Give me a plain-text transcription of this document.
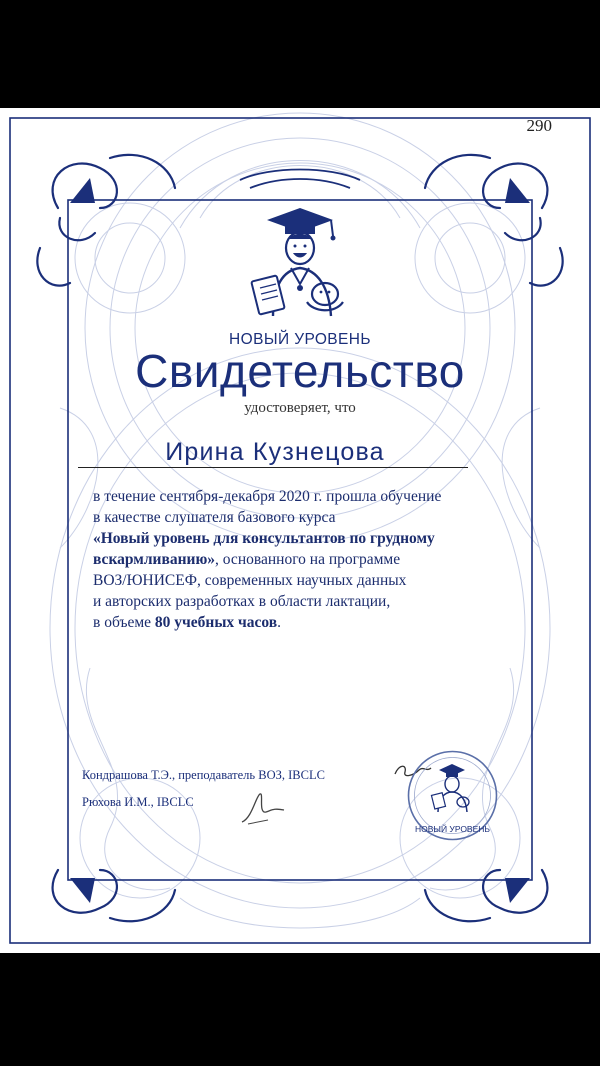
290
НОВЫЙ УРОВЕНЬ
Свидетельство
удостоверяет, что
Ирина Кузнецова
в течение сентября-декабря 2020 г. прошла обучение
в качестве слушателя базового курса
«Новый уровень для консультантов по грудному
вскармливанию», основанного на программе
ВОЗ/ЮНИСЕФ, современных научных данных
и авторских разработках в области лактации,
в объеме 80 учебных часов.
Кондрашова Т.Э., преподаватель ВОЗ, IBCLC
Рюхова И.М., IBCLC
НОВЫЙ УРОВЕНЬ
